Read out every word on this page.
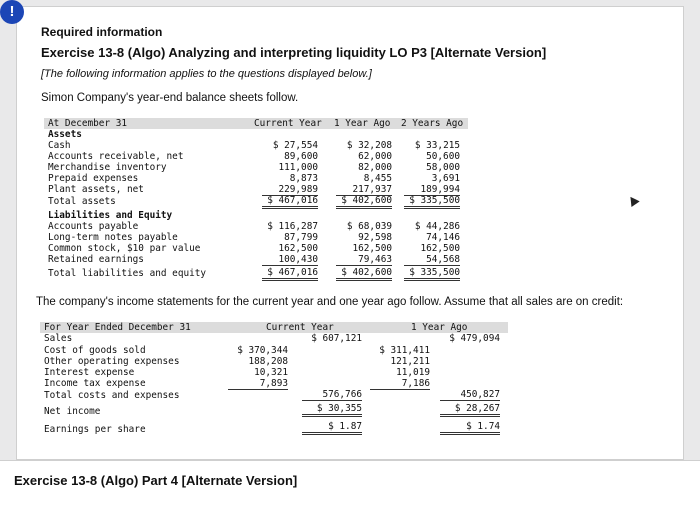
!
Required information
Exercise 13-8 (Algo) Analyzing and interpreting liquidity LO P3 [Alternate Version]
[The following information applies to the questions displayed below.]
Simon Company's year-end balance sheets follow.
At December 31	Current Year 1 Year Ago 2 Years Ago
Assets
Cash	$ 27,554	$ 32,208	$ 33,215
Accounts receivable, net	89,600	62,000	50,600
Merchandise inventory	111,000	82,000	58,000
Prepaid expenses	8,873	8,455	3,691
Plant assets, net	229,989	217,937	189,994
Total assets	$ 467,016	$ 402,600	$ 335,500
Liabilities and Equity
Accounts payable	$ 116,287	$ 68,039	$ 44,286
Long-term notes payable	87,799	92,598	74,146
Common stock, $10 par value	162,500	162,500	162,500
Retained earnings	100,430	79,463	54,568
Total liabilities and equity	$ 467,016	$ 402,600	$ 335,500
The company's income statements for the current year and one year ago follow. Assume that all sales are on credit:
For Year Ended December 31	Current Year	1 Year Ago
Sales	$ 607,121	$ 479,094
Cost of goods sold	$ 370,344	$ 311,411
Other operating expenses	188,208	121,211
Interest expense	10,321	11,019
Income tax expense	7,893	7,186
Total costs and expenses	576,766	450,827
Net income	$ 30,355	$ 28,267
Earnings per share	$ 1.87	$ 1.74
Exercise 13-8 (Algo) Part 4 [Alternate Version]
